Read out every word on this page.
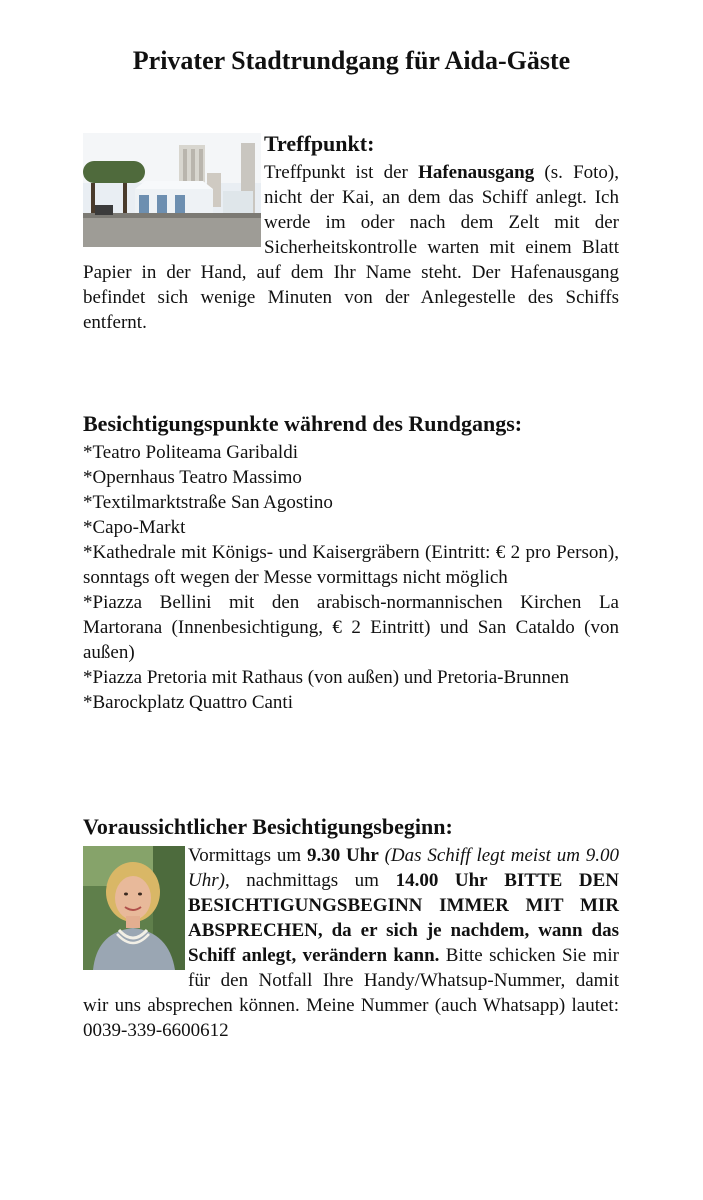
Privater Stadtrundgang für Aida-Gäste
Treffpunkt:

Treffpunkt ist der Hafenausgang (s. Foto), nicht der Kai, an dem das Schiff anlegt. Ich werde im oder nach dem Zelt mit der Sicherheitskontrolle warten mit einem Blatt Papier in der Hand, auf dem Ihr Name steht. Der Hafenausgang befindet sich wenige Minuten von der Anlegestelle des Schiffs entfernt.

Besichtigungspunkte während des Rundgangs:
*Teatro Politeama Garibaldi
*Opernhaus Teatro Massimo
*Textilmarktstraße San Agostino
*Capo-Markt
*Kathedrale mit Königs- und Kaisergräbern (Eintritt: € 2 pro Person), sonntags oft wegen der Messe vormittags nicht möglich
*Piazza Bellini mit den arabisch-normannischen Kirchen La Martorana (Innenbesichtigung, € 2 Eintritt) und San Cataldo (von außen)
*Piazza Pretoria mit Rathaus (von außen) und Pretoria-Brunnen
*Barockplatz Quattro Canti
Voraussichtlicher Besichtigungsbeginn:

Vormittags um 9.30 Uhr (Das Schiff legt meist um 9.00 Uhr), nachmittags um 14.00 Uhr BITTE DEN BESICHTIGUNGSBEGINN IMMER MIT MIR ABSPRECHEN, da er sich je nachdem, wann das Schiff anlegt, verändern kann. Bitte schicken Sie mir für den Notfall Ihre Handy/Whatsup-Nummer, damit wir uns absprechen können. Meine Nummer (auch Whatsapp) lautet: 0039-339-6600612
